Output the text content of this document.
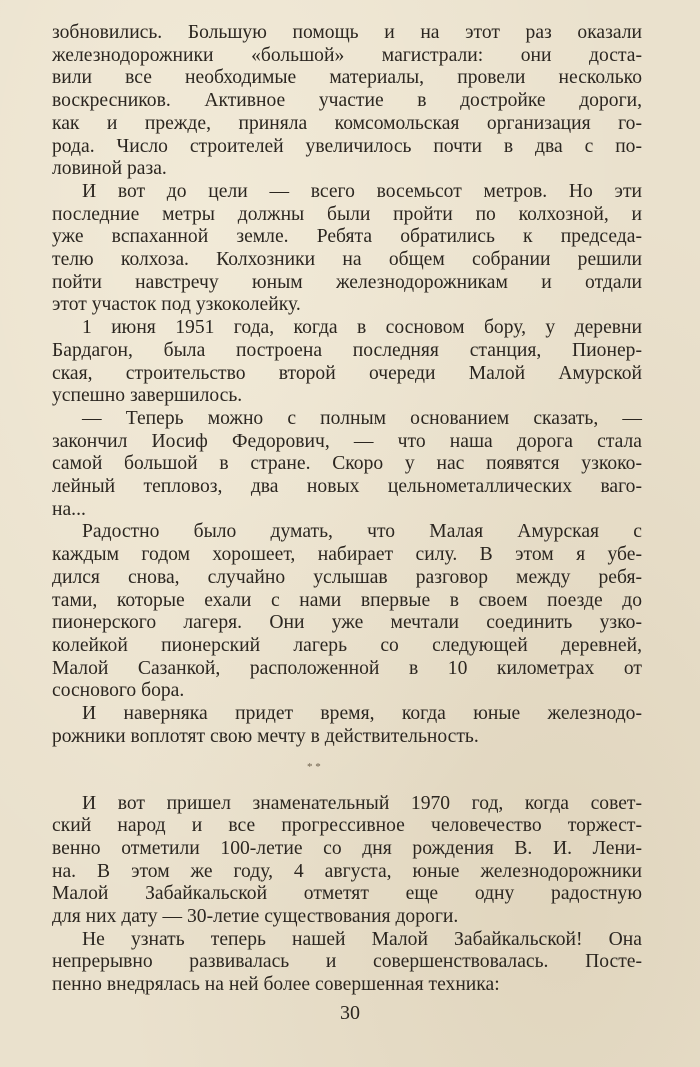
зобновились. Большую помощь и на этот раз оказали
железнодорожники «большой» магистрали: они доста-
вили все необходимые материалы, провели несколько
воскресников. Активное участие в достройке дороги,
как и прежде, приняла комсомольская организация го-
рода. Число строителей увеличилось почти в два с по-
ловиной раза.
И вот до цели — всего восемьсот метров. Но эти
последние метры должны были пройти по колхозной, и
уже вспаханной земле. Ребята обратились к председа-
телю колхоза. Колхозники на общем собрании решили
пойти навстречу юным железнодорожникам и отдали
этот участок под узкоколейку.
1 июня 1951 года, когда в сосновом бору, у деревни
Бардагон, была построена последняя станция, Пионер-
ская, строительство второй очереди Малой Амурской
успешно завершилось.
— Теперь можно с полным основанием сказать, —
закончил Иосиф Федорович, — что наша дорога стала
самой большой в стране. Скоро у нас появятся узкоко-
лейный тепловоз, два новых цельнометаллических ваго-
на...
Радостно было думать, что Малая Амурская с
каждым годом хорошеет, набирает силу. В этом я убе-
дился снова, случайно услышав разговор между ребя-
тами, которые ехали с нами впервые в своем поезде до
пионерского лагеря. Они уже мечтали соединить узко-
колейкой пионерский лагерь со следующей деревней,
Малой Сазанкой, расположенной в 10 километрах от
соснового бора.
И наверняка придет время, когда юные железнодо-
рожники воплотят свою мечту в действительность.
* *
И вот пришел знаменательный 1970 год, когда совет-
ский народ и все прогрессивное человечество торжест-
венно отметили 100-летие со дня рождения В. И. Лени-
на. В этом же году, 4 августа, юные железнодорожники
Малой Забайкальской отметят еще одну радостную
для них дату — 30-летие существования дороги.
Не узнать теперь нашей Малой Забайкальской! Она
непрерывно развивалась и совершенствовалась. Посте-
пенно внедрялась на ней более совершенная техника:
30
